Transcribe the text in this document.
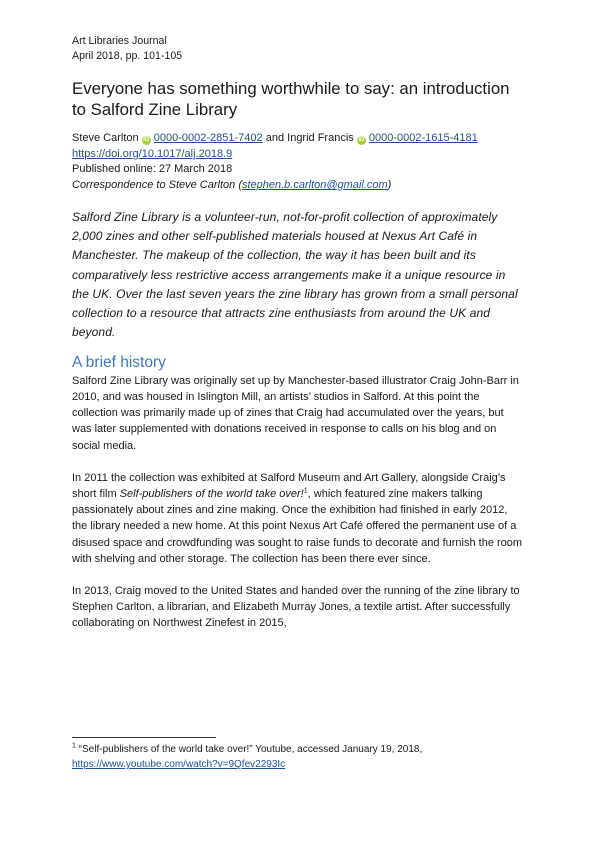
Art Libraries Journal
April 2018, pp. 101-105
Everyone has something worthwhile to say: an introduction to Salford Zine Library
Steve Carlton iD 0000-0002-2851-7402 and Ingrid Francis iD 0000-0002-1615-4181
https://doi.org/10.1017/alj.2018.9
Published online: 27 March 2018
Correspondence to Steve Carlton (stephen.b.carlton@gmail.com)
Salford Zine Library is a volunteer-run, not-for-profit collection of approximately 2,000 zines and other self-published materials housed at Nexus Art Café in Manchester. The makeup of the collection, the way it has been built and its comparatively less restrictive access arrangements make it a unique resource in the UK. Over the last seven years the zine library has grown from a small personal collection to a resource that attracts zine enthusiasts from around the UK and beyond.
A brief history

Salford Zine Library was originally set up by Manchester-based illustrator Craig John-Barr in 2010, and was housed in Islington Mill, an artists’ studios in Salford. At this point the collection was primarily made up of zines that Craig had accumulated over the years, but was later supplemented with donations received in response to calls on his blog and on social media.

In 2011 the collection was exhibited at Salford Museum and Art Gallery, alongside Craig’s short film Self-publishers of the world take over!$^1$, which featured zine makers talking passionately about zines and zine making. Once the exhibition had finished in early 2012, the library needed a new home. At this point Nexus Art Café offered the permanent use of a disused space and crowdfunding was sought to raise funds to decorate and furnish the room with shelving and other storage. The collection has been there ever since.

In 2013, Craig moved to the United States and handed over the running of the zine library to Stephen Carlton, a librarian, and Elizabeth Murray Jones, a textile artist. After successfully collaborating on Northwest Zinefest in 2015,

$^1$ “Self-publishers of the world take over!” Youtube, accessed January 19, 2018,
https://www.youtube.com/watch?v=9Qfev2293Ic
